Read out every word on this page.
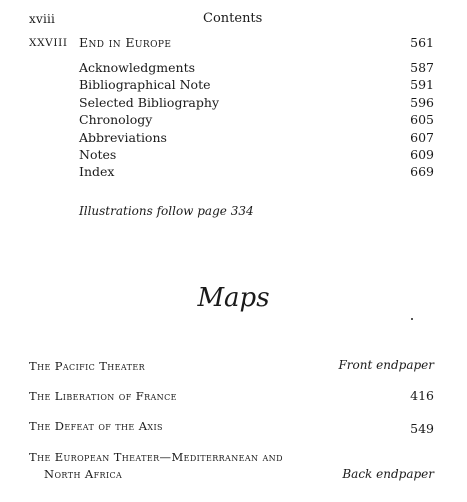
xviii	Contents
XXVIII End in Europe	561
Acknowledgments	587
Bibliographical Note	591
Selected Bibliography	596
Chronology	605
Abbreviations	607
Notes	609
Index	669
Illustrations follow page 334
Maps
The Pacific Theater	Front endpaper
The Liberation of France	416
The Defeat of the Axis	549
The European Theater—Mediterranean and
North Africa	Back endpaper
